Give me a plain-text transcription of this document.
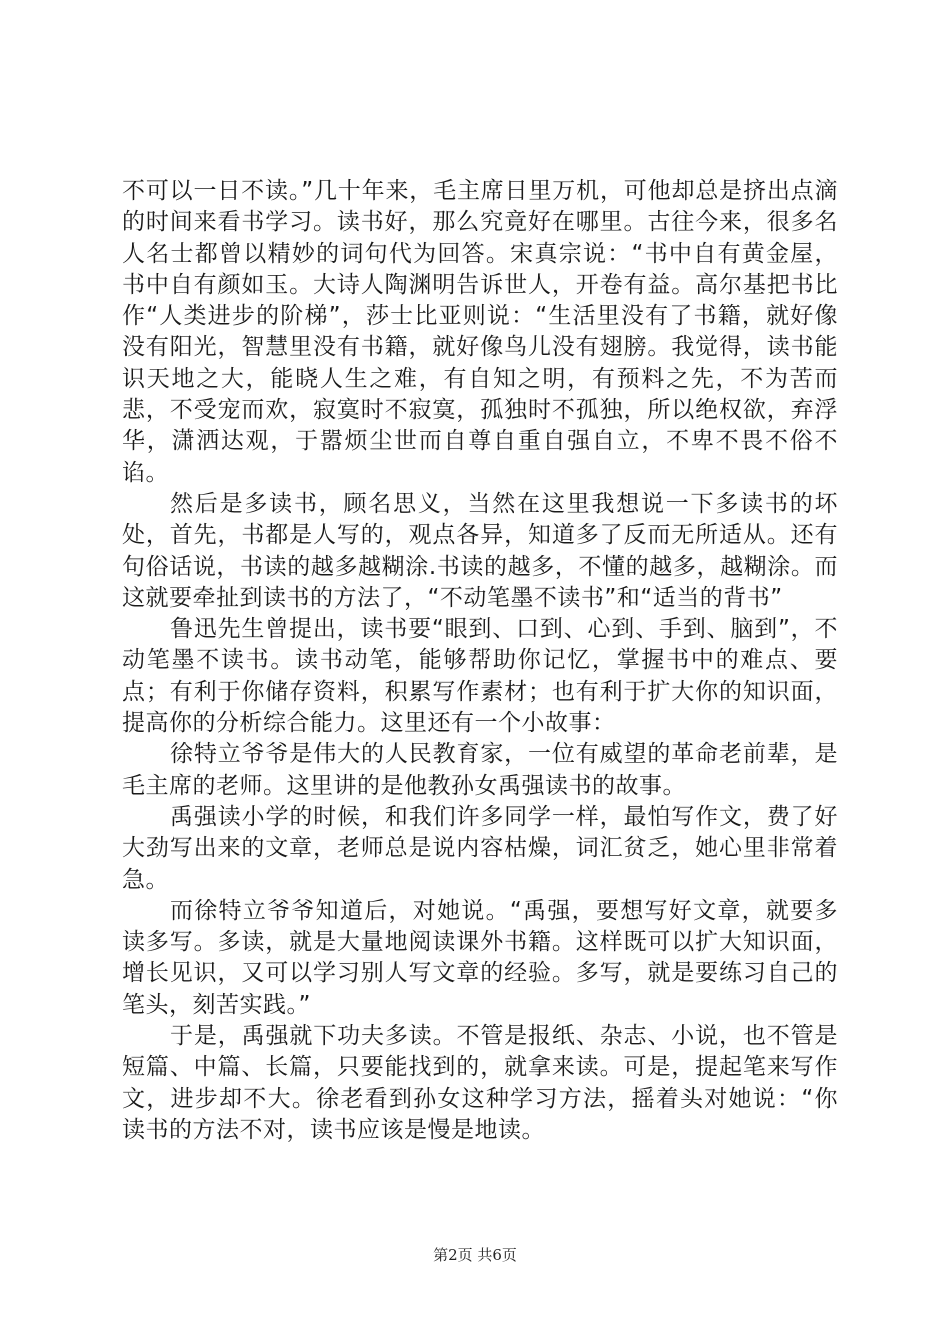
不可以一日不读。”几十年来，毛主席日里万机，可他却总是挤出点滴的时间来看书学习。读书好，那么究竟好在哪里。古往今来，很多名人名士都曾以精妙的词句代为回答。宋真宗说：“书中自有黄金屋，书中自有颜如玉。大诗人陶渊明告诉世人，开卷有益。高尔基把书比作“人类进步的阶梯”，莎士比亚则说：“生活里没有了书籍，就好像没有阳光，智慧里没有书籍，就好像鸟儿没有翅膀。我觉得，读书能识天地之大，能晓人生之难，有自知之明，有预料之先，不为苦而悲，不受宠而欢，寂寞时不寂寞，孤独时不孤独，所以绝权欲，弃浮华，潇洒达观，于嚣烦尘世而自尊自重自强自立，不卑不畏不俗不谄。

然后是多读书，顾名思义，当然在这里我想说一下多读书的坏处，首先，书都是人写的，观点各异，知道多了反而无所适从。还有句俗话说，书读的越多越糊涂.书读的越多，不懂的越多，越糊涂。而这就要牵扯到读书的方法了，“不动笔墨不读书”和“适当的背书”

鲁迅先生曾提出，读书要“眼到、口到、心到、手到、脑到”，不动笔墨不读书。读书动笔，能够帮助你记忆，掌握书中的难点、要点；有利于你储存资料，积累写作素材；也有利于扩大你的知识面，提高你的分析综合能力。这里还有一个小故事：

徐特立爷爷是伟大的人民教育家，一位有威望的革命老前辈，是毛主席的老师。这里讲的是他教孙女禹强读书的故事。

禹强读小学的时候，和我们许多同学一样，最怕写作文，费了好大劲写出来的文章，老师总是说内容枯燥，词汇贫乏，她心里非常着急。

而徐特立爷爷知道后，对她说。“禹强，要想写好文章，就要多读多写。多读，就是大量地阅读课外书籍。这样既可以扩大知识面，增长见识，又可以学习别人写文章的经验。多写，就是要练习自己的笔头，刻苦实践。”

于是，禹强就下功夫多读。不管是报纸、杂志、小说，也不管是短篇、中篇、长篇，只要能找到的，就拿来读。可是，提起笔来写作文，进步却不大。徐老看到孙女这种学习方法，摇着头对她说：“你读书的方法不对，读书应该是慢是地读。

第2页 共6页
